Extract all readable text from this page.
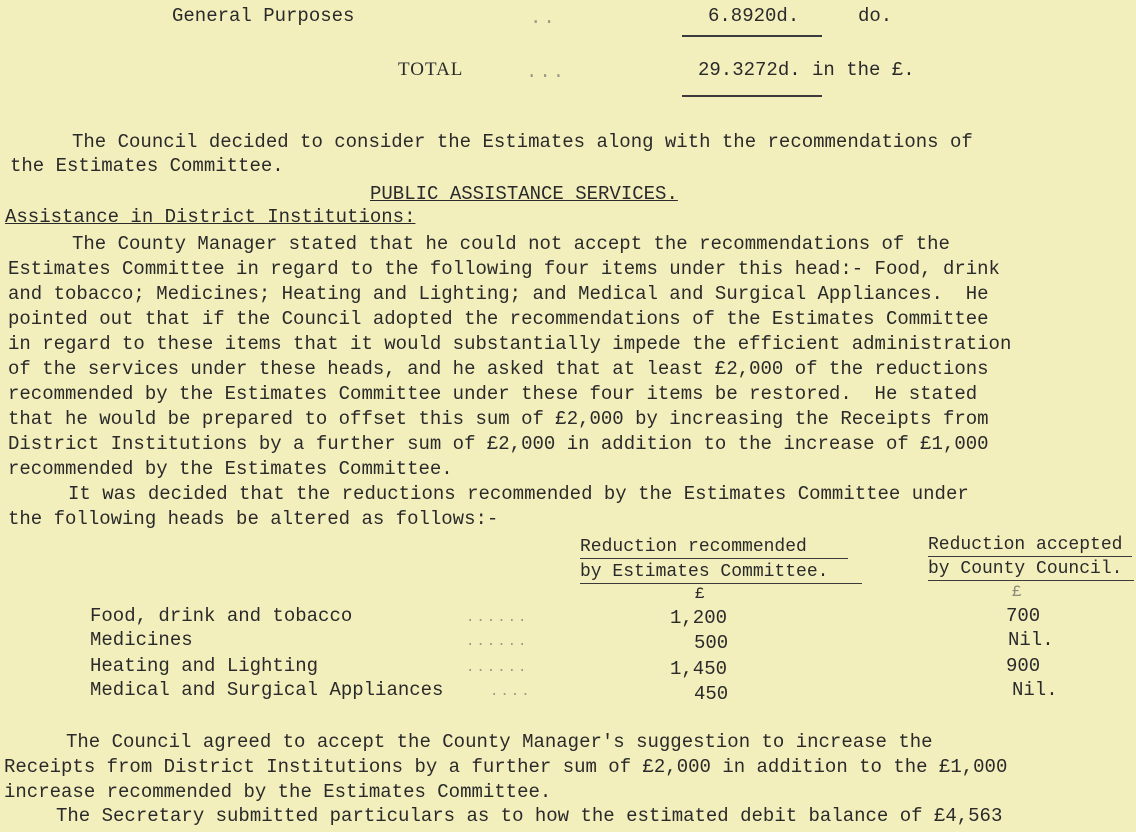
General Purposes	..	6.8920d.	do.
TOTAL	...	29.3272d. in the £.
The Council decided to consider the Estimates along with the recommendations of
the Estimates Committee.
PUBLIC ASSISTANCE SERVICES.
Assistance in District Institutions:
The County Manager stated that he could not accept the recommendations of the
Estimates Committee in regard to the following four items under this head:- Food, drink
and tobacco; Medicines; Heating and Lighting; and Medical and Surgical Appliances.  He
pointed out that if the Council adopted the recommendations of the Estimates Committee
in regard to these items that it would substantially impede the efficient administration
of the services under these heads, and he asked that at least £2,000 of the reductions
recommended by the Estimates Committee under these four items be restored.  He stated
that he would be prepared to offset this sum of £2,000 by increasing the Receipts from
District Institutions by a further sum of £2,000 in addition to the increase of £1,000
recommended by the Estimates Committee.
It was decided that the reductions recommended by the Estimates Committee under
the following heads be altered as follows:-
Reduction recommended
by Estimates Committee.
Reduction accepted
by County Council.
£	£
Food, drink and tobacco	......	1,200	700
Medicines	......	500	Nil.
Heating and Lighting	......	1,450	900
Medical and Surgical Appliances	....	450	Nil.
The Council agreed to accept the County Manager's suggestion to increase the
Receipts from District Institutions by a further sum of £2,000 in addition to the £1,000
increase recommended by the Estimates Committee.
The Secretary submitted particulars as to how the estimated debit balance of £4,563
